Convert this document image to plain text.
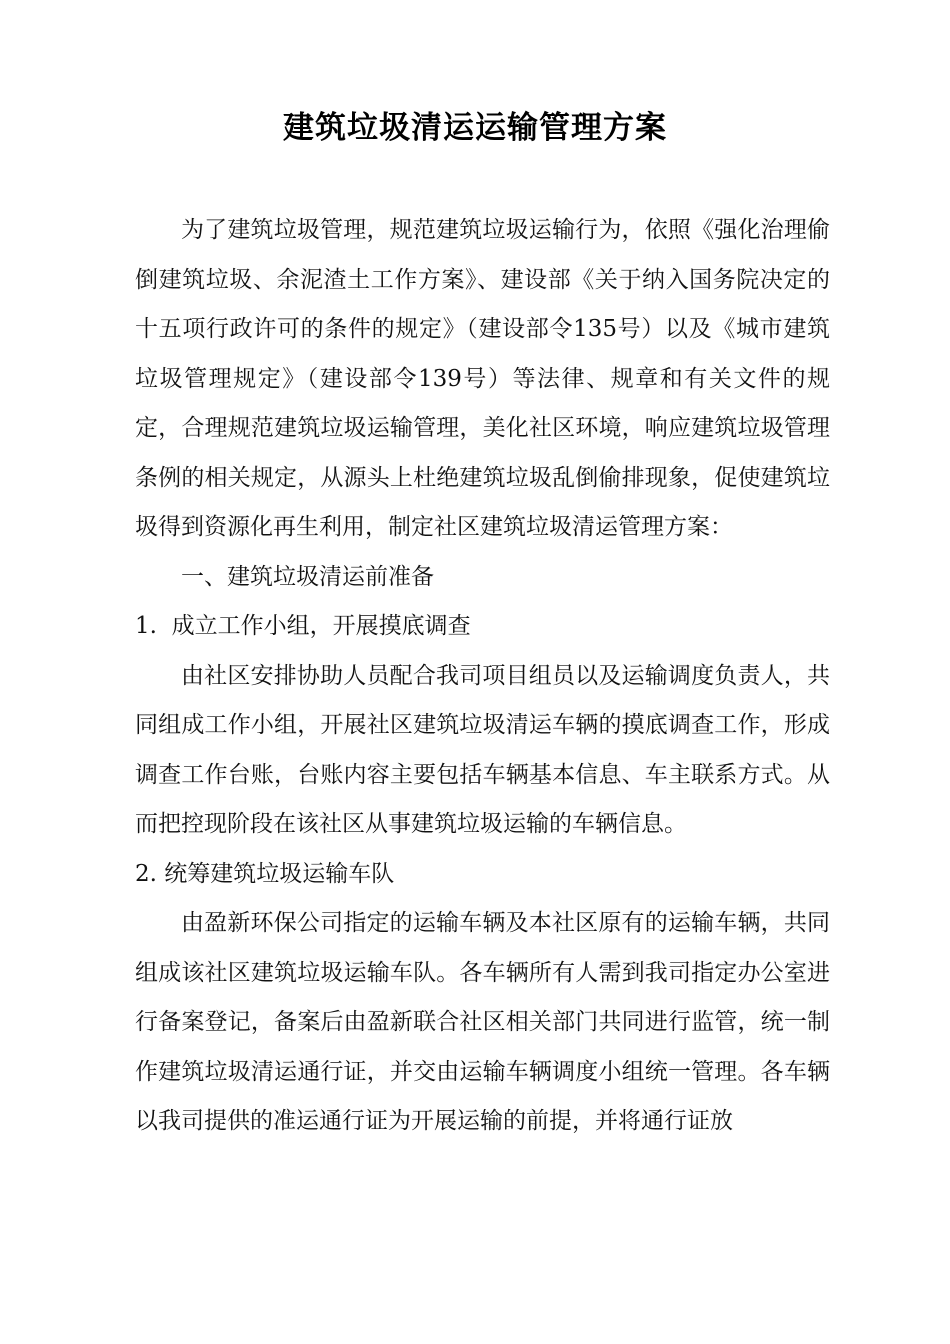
建筑垃圾清运运输管理方案

为了建筑垃圾管理，规范建筑垃圾运输行为，依照《强化治理偷倒建筑垃圾、余泥渣土工作方案》、建设部《关于纳入国务院决定的十五项行政许可的条件的规定》（建设部令135号）以及《城市建筑垃圾管理规定》（建设部令139号）等法律、规章和有关文件的规定，合理规范建筑垃圾运输管理，美化社区环境，响应建筑垃圾管理条例的相关规定，从源头上杜绝建筑垃圾乱倒偷排现象，促使建筑垃圾得到资源化再生利用，制定社区建筑垃圾清运管理方案：

一、建筑垃圾清运前准备

1.  成立工作小组，开展摸底调查

由社区安排协助人员配合我司项目组员以及运输调度负责人，共同组成工作小组，开展社区建筑垃圾清运车辆的摸底调查工作，形成调查工作台账，台账内容主要包括车辆基本信息、车主联系方式。从而把控现阶段在该社区从事建筑垃圾运输的车辆信息。

2. 统筹建筑垃圾运输车队

由盈新环保公司指定的运输车辆及本社区原有的运输车辆，共同组成该社区建筑垃圾运输车队。各车辆所有人需到我司指定办公室进行备案登记，备案后由盈新联合社区相关部门共同进行监管，统一制作建筑垃圾清运通行证，并交由运输车辆调度小组统一管理。各车辆以我司提供的准运通行证为开展运输的前提，并将通行证放
